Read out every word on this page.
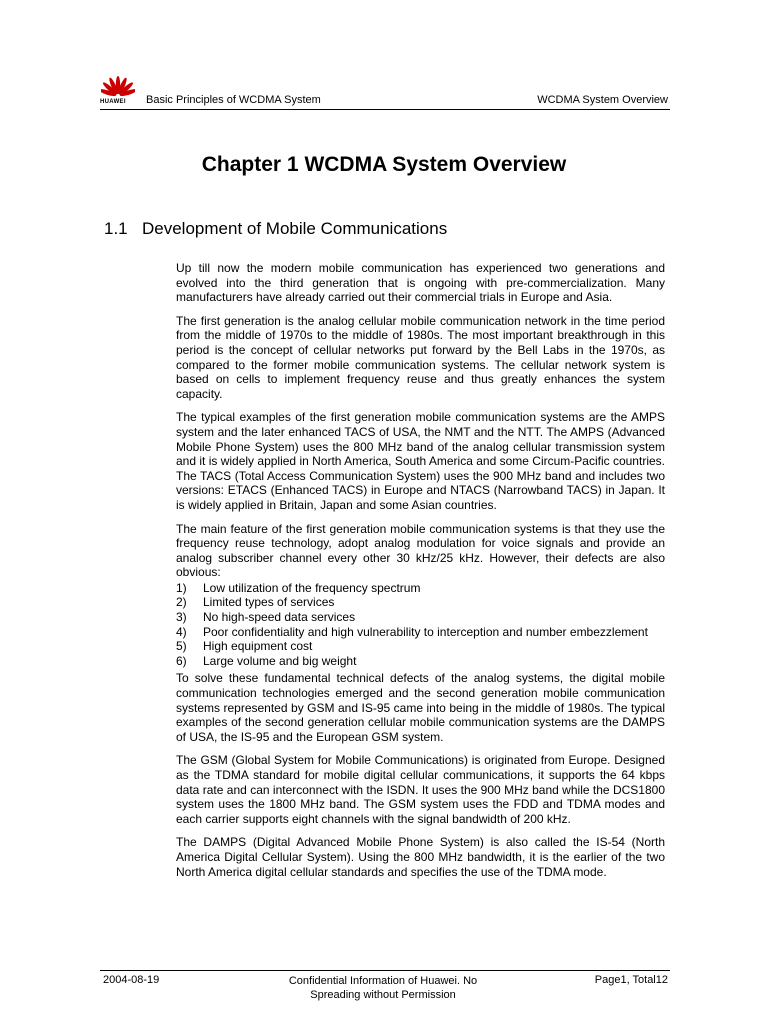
HUAWEI Basic Principles of WCDMA System	WCDMA System Overview
Chapter 1 WCDMA System Overview
1.1 Development of Mobile Communications

Up till now the modern mobile communication has experienced two generations and evolved into the third generation that is ongoing with pre-commercialization. Many manufacturers have already carried out their commercial trials in Europe and Asia.

The first generation is the analog cellular mobile communication network in the time period from the middle of 1970s to the middle of 1980s. The most important breakthrough in this period is the concept of cellular networks put forward by the Bell Labs in the 1970s, as compared to the former mobile communication systems. The cellular network system is based on cells to implement frequency reuse and thus greatly enhances the system capacity.

The typical examples of the first generation mobile communication systems are the AMPS system and the later enhanced TACS of USA, the NMT and the NTT. The AMPS (Advanced Mobile Phone System) uses the 800 MHz band of the analog cellular transmission system and it is widely applied in North America, South America and some Circum-Pacific countries. The TACS (Total Access Communication System) uses the 900 MHz band and includes two versions: ETACS (Enhanced TACS) in Europe and NTACS (Narrowband TACS) in Japan. It is widely applied in Britain, Japan and some Asian countries.

The main feature of the first generation mobile communication systems is that they use the frequency reuse technology, adopt analog modulation for voice signals and provide an analog subscriber channel every other 30 kHz/25 kHz. However, their defects are also obvious:

1) Low utilization of the frequency spectrum
2) Limited types of services
3) No high-speed data services
4) Poor confidentiality and high vulnerability to interception and number embezzlement
5) High equipment cost
6) Large volume and big weight

To solve these fundamental technical defects of the analog systems, the digital mobile communication technologies emerged and the second generation mobile communication systems represented by GSM and IS-95 came into being in the middle of 1980s. The typical examples of the second generation cellular mobile communication systems are the DAMPS of USA, the IS-95 and the European GSM system.

The GSM (Global System for Mobile Communications) is originated from Europe. Designed as the TDMA standard for mobile digital cellular communications, it supports the 64 kbps data rate and can interconnect with the ISDN. It uses the 900 MHz band while the DCS1800 system uses the 1800 MHz band. The GSM system uses the FDD and TDMA modes and each carrier supports eight channels with the signal bandwidth of 200 kHz.

The DAMPS (Digital Advanced Mobile Phone System) is also called the IS-54 (North America Digital Cellular System). Using the 800 MHz bandwidth, it is the earlier of the two North America digital cellular standards and specifies the use of the TDMA mode.

2004-08-19	Confidential Information of Huawei. No
Spreading without Permission
Page1, Total12
